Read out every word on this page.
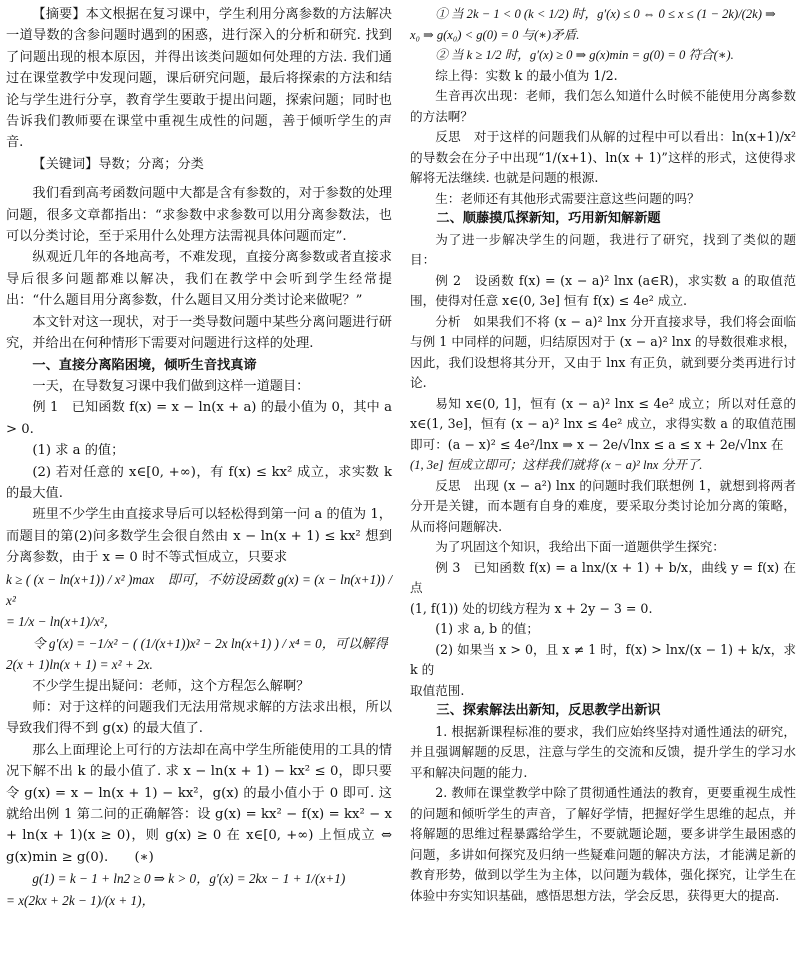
【摘要】本文根据在复习课中，学生利用分离参数的方法解决一道导数的含参问题时遇到的困惑，进行深入的分析和研究. 找到了问题出现的根本原因，并得出该类问题如何处理的方法. 我们通过在课堂教学中发现问题，课后研究问题，最后将探索的方法和结论与学生进行分享，教育学生要敢于提出问题，探索问题；同时也告诉我们教师要在课堂中重视生成性的问题，善于倾听学生的声音.

【关键词】导数；分离；分类

我们看到高考函数问题中大都是含有参数的，对于参数的处理问题，很多文章都指出：“求参数中求参数可以用分离参数法，也可以分类讨论，至于采用什么处理方法需视具体问题而定”.

纵观近几年的各地高考，不难发现，直接分离参数或者直接求导后很多问题都难以解决，我们在教学中会听到学生经常提出：“什么题目用分离参数，什么题目又用分类讨论来做呢？”

本文针对这一现状，对于一类导数问题中某些分离问题进行研究，并给出在何种情形下需要对问题进行这样的处理.

一、直接分离陷困境，倾听生音找真谛

一天，在导数复习课中我们做到这样一道题目：

例 1　已知函数 f(x) = x − ln(x + a) 的最小值为 0，其中 a > 0.

(1) 求 a 的值；

(2) 若对任意的 x∈[0, +∞)，有 f(x) ≤ kx² 成立，求实数 k 的最大值.

班里不少学生由直接求导后可以轻松得到第一问 a 的值为 1，而题目的第(2)问多数学生会很自然由 x − ln(x + 1) ≤ kx² 想到分离参数，由于 x = 0 时不等式恒成立，只要求

k ≥ ( (x − ln(x+1)) / x² )max　即可，不妨设函数 g(x) = (x − ln(x+1)) / x²

= 1/x − ln(x+1)/x²，

令 g′(x) = −1/x² − ( (1/(x+1))x² − 2x ln(x+1) ) / x⁴ = 0，可以解得

2(x + 1)ln(x + 1) = x² + 2x.

不少学生提出疑问：老师，这个方程怎么解啊？

师：对于这样的问题我们无法用常规求解的方法求出根，所以导致我们得不到 g(x) 的最大值了.

那么上面理论上可行的方法却在高中学生所能使用的工具的情况下解不出 k 的最小值了. 求 x − ln(x + 1) − kx² ≤ 0，即只要令 g(x) = x − ln(x + 1) − kx²，g(x) 的最小值小于 0 即可. 这就给出例 1 第二问的正确解答：设 g(x) = kx² − f(x) = kx² − x + ln(x + 1)(x ≥ 0)，则 g(x) ≥ 0 在 x∈[0, +∞) 上恒成立 ⇔ g(x)min ≥ g(0).　　(∗)

g(1) = k − 1 + ln2 ≥ 0 ⇒ k > 0，g′(x) = 2kx − 1 + 1/(x+1)

= x(2kx + 2k − 1)/(x + 1)，

① 当 2k − 1 < 0 (k < 1/2) 时，g′(x) ≤ 0 ⇔ 0 ≤ x ≤ (1 − 2k)/(2k) ⇒

x₀ ⇒ g(x₀) < g(0) = 0 与(∗)矛盾.

② 当 k ≥ 1/2 时，g′(x) ≥ 0 ⇒ g(x)min = g(0) = 0 符合(∗).

综上得：实数 k 的最小值为 1/2.

生音再次出现：老师，我们怎么知道什么时候不能使用分离参数的方法啊？

反思　对于这样的问题我们从解的过程中可以看出：ln(x+1)/x² 的导数会在分子中出现“1/(x+1)、ln(x + 1)”这样的形式，这使得求解将无法继续. 也就是问题的根源.

生：老师还有其他形式需要注意这些问题的吗？

二、顺藤摸瓜探新知，巧用新知解新题

为了进一步解决学生的问题，我进行了研究，找到了类似的题目：

例 2　设函数 f(x) = (x − a)² lnx (a∈R)，求实数 a 的取值范围，使得对任意 x∈(0, 3e] 恒有 f(x) ≤ 4e² 成立.

分析　如果我们不将 (x − a)² lnx 分开直接求导，我们将会面临与例 1 中同样的问题，归结原因对于 (x − a)² lnx 的导数很难求根，因此，我们设想将其分开，又由于 lnx 有正负，就到要分类再进行讨论.

易知 x∈(0, 1]，恒有 (x − a)² lnx ≤ 4e² 成立；所以对任意的 x∈(1, 3e]，恒有 (x − a)² lnx ≤ 4e² 成立，求得实数 a 的取值范围即可：(a − x)² ≤ 4e²/lnx ⇒ x − 2e/√lnx ≤ a ≤ x + 2e/√lnx 在

(1, 3e] 恒成立即可；这样我们就将 (x − a)² lnx 分开了.

反思　出现 (x − a²) lnx 的问题时我们联想例 1，就想到将两者分开是关键，而本题有自身的难度，要采取分类讨论加分离的策略，从而将问题解决.

为了巩固这个知识，我给出下面一道题供学生探究：

例 3　已知函数 f(x) = a lnx/(x + 1) + b/x，曲线 y = f(x) 在点

(1, f(1)) 处的切线方程为 x + 2y − 3 = 0.

(1) 求 a, b 的值；

(2) 如果当 x > 0，且 x ≠ 1 时，f(x) > lnx/(x − 1) + k/x，求 k 的

取值范围.

三、探索解法出新知，反思教学出新识

1. 根据新课程标准的要求，我们应始终坚持对通性通法的研究，并且强调解题的反思，注意与学生的交流和反馈，提升学生的学习水平和解决问题的能力.

2. 教师在课堂教学中除了贯彻通性通法的教育，更要重视生成性的问题和倾听学生的声音，了解好学情，把握好学生思维的起点，并将解题的思维过程暴露给学生，不要就题论题，要多讲学生最困惑的问题，多讲如何探究及归纳一些疑难问题的解决方法，才能满足新的教育形势，做到以学生为主体，以问题为载体，强化探究，让学生在体验中夯实知识基础，感悟思想方法，学会反思，获得更大的提高.
